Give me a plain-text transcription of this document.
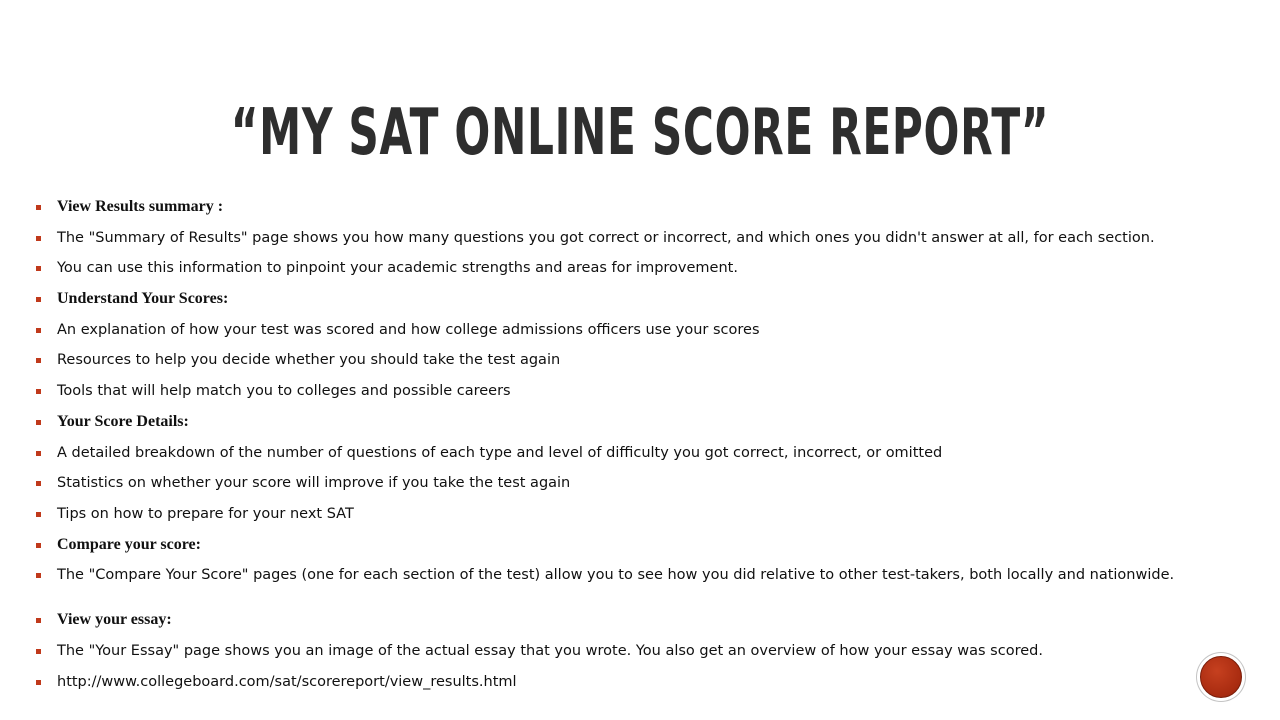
“MY SAT ONLINE SCORE REPORT”
View Results summary :
The "Summary of Results" page shows you how many questions you got correct or incorrect, and which ones you didn't answer at all, for each section.
You can use this information to pinpoint your academic strengths and areas for improvement.
Understand Your Scores:
An explanation of how your test was scored and how college admissions officers use your scores
Resources to help you decide whether you should take the test again
Tools that will help match you to colleges and possible careers
Your Score Details:
A detailed breakdown of the number of questions of each type and level of difficulty you got correct, incorrect, or omitted
Statistics on whether your score will improve if you take the test again
Tips on how to prepare for your next SAT
Compare your score:
The "Compare Your Score" pages (one for each section of the test) allow you to see how you did relative to other test-takers, both locally and nationwide.
View your essay:
The "Your Essay" page shows you an image of the actual essay that you wrote. You also get an overview of how your essay was scored.
http://www.collegeboard.com/sat/scorereport/view_results.html
